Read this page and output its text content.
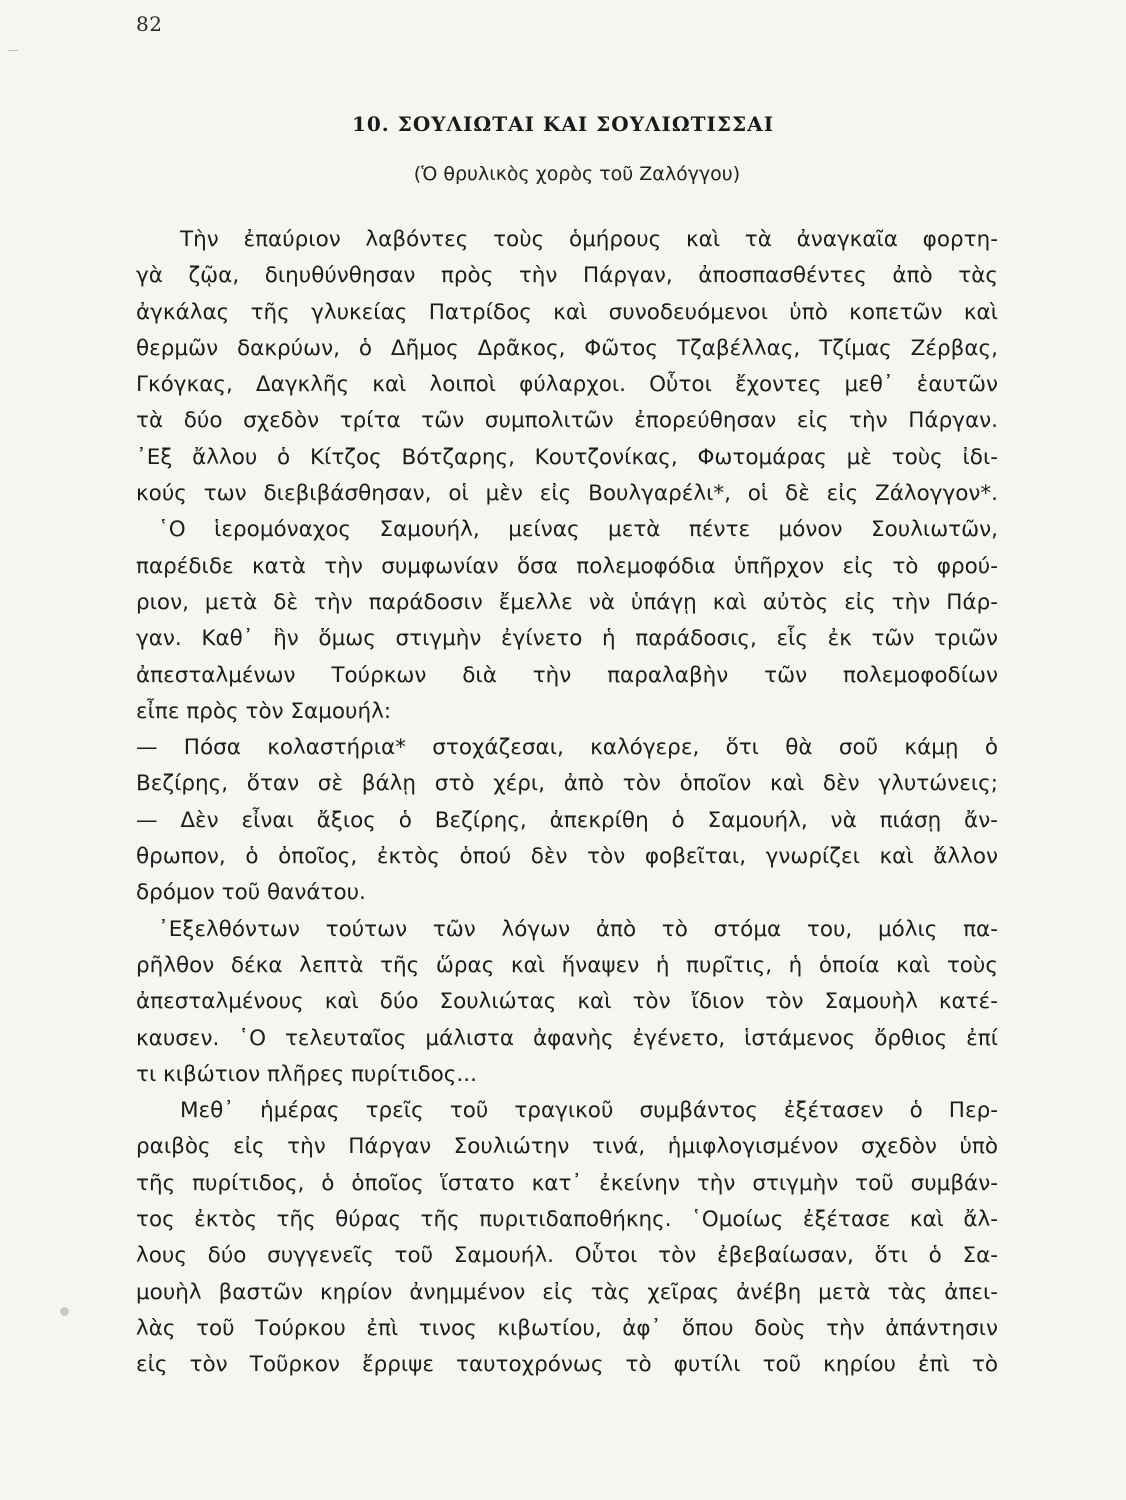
82
10. ΣΟΥΛΙΩΤΑΙ ΚΑΙ ΣΟΥΛΙΩΤΙΣΣΑΙ
(Ὁ θρυλικὸς χορὸς τοῦ Ζαλόγγου)
Τὴν ἐπαύριον λαβόντες τοὺς ὁμήρους καὶ τὰ ἀναγκαῖα φορτη-
γὰ ζῷα, διηυθύνθησαν πρὸς τὴν Πάργαν, ἀποσπασθέντες ἀπὸ τὰς
ἀγκάλας τῆς γλυκείας Πατρίδος καὶ συνοδευόμενοι ὑπὸ κοπετῶν καὶ
θερμῶν δακρύων, ὁ Δῆμος Δρᾶκος, Φῶτος Τζαβέλλας, Τζίμας Ζέρβας,
Γκόγκας, Δαγκλῆς καὶ λοιποὶ φύλαρχοι. Οὗτοι ἔχοντες μεθ᾿ ἑαυτῶν
τὰ δύο σχεδὸν τρίτα τῶν συμπολιτῶν ἐπορεύθησαν εἰς τὴν Πάργαν.
᾿Εξ ἄλλου ὁ Κίτζος Βότζαρης, Κουτζονίκας, Φωτομάρας μὲ τοὺς ἰδι-
κούς των διεβιβάσθησαν, οἱ μὲν εἰς Βουλγαρέλι*, οἱ δὲ εἰς Ζάλογγον*.
῾Ο ἱερομόναχος Σαμουήλ, μείνας μετὰ πέντε μόνον Σουλιωτῶν,
παρέδιδε κατὰ τὴν συμφωνίαν ὅσα πολεμοφόδια ὑπῆρχον εἰς τὸ φρού-
ριον, μετὰ δὲ τὴν παράδοσιν ἔμελλε νὰ ὑπάγῃ καὶ αὐτὸς εἰς τὴν Πάρ-
γαν. Καθ᾿ ἣν ὅμως στιγμὴν ἐγίνετο ἡ παράδοσις, εἷς ἐκ τῶν τριῶν
ἀπεσταλμένων Τούρκων διὰ τὴν παραλαβὴν τῶν πολεμοφοδίων
εἶπε πρὸς τὸν Σαμουήλ:
— Πόσα κολαστήρια* στοχάζεσαι, καλόγερε, ὅτι θὰ σοῦ κάμῃ ὁ
Βεζίρης, ὅταν σὲ βάλῃ στὸ χέρι, ἀπὸ τὸν ὁποῖον καὶ δὲν γλυτώνεις;
— Δὲν εἶναι ἄξιος ὁ Βεζίρης, ἀπεκρίθη ὁ Σαμουήλ, νὰ πιάσῃ ἄν-
θρωπον, ὁ ὁποῖος, ἐκτὸς ὁπού δὲν τὸν φοβεῖται, γνωρίζει καὶ ἄλλον
δρόμον τοῦ θανάτου.
᾿Εξελθόντων τούτων τῶν λόγων ἀπὸ τὸ στόμα του, μόλις πα-
ρῆλθον δέκα λεπτὰ τῆς ὥρας καὶ ἥναψεν ἡ πυρῖτις, ἡ ὁποία καὶ τοὺς
ἀπεσταλμένους καὶ δύο Σουλιώτας καὶ τὸν ἴδιον τὸν Σαμουὴλ κατέ-
καυσεν. ῾Ο τελευταῖος μάλιστα ἀφανὴς ἐγένετο, ἱστάμενος ὄρθιος ἐπί
τι κιβώτιον πλῆρες πυρίτιδος...
Μεθ᾿ ἡμέρας τρεῖς τοῦ τραγικοῦ συμβάντος ἐξέτασεν ὁ Περ-
ραιβὸς εἰς τὴν Πάργαν Σουλιώτην τινά, ἡμιφλογισμένον σχεδὸν ὑπὸ
τῆς πυρίτιδος, ὁ ὁποῖος ἵστατο κατ᾿ ἐκείνην τὴν στιγμὴν τοῦ συμβάν-
τος ἐκτὸς τῆς θύρας τῆς πυριτιδαποθήκης. ῾Ομοίως ἐξέτασε καὶ ἄλ-
λους δύο συγγενεῖς τοῦ Σαμουήλ. Οὗτοι τὸν ἐβεβαίωσαν, ὅτι ὁ Σα-
μουὴλ βαστῶν κηρίον ἀνημμένον εἰς τὰς χεῖρας ἀνέβη μετὰ τὰς ἀπει-
λὰς τοῦ Τούρκου ἐπὶ τινος κιβωτίου, ἀφ᾿ ὅπου δοὺς τὴν ἀπάντησιν
εἰς τὸν Τοῦρκον ἔρριψε ταυτοχρόνως τὸ φυτίλι τοῦ κηρίου ἐπὶ τὸ
